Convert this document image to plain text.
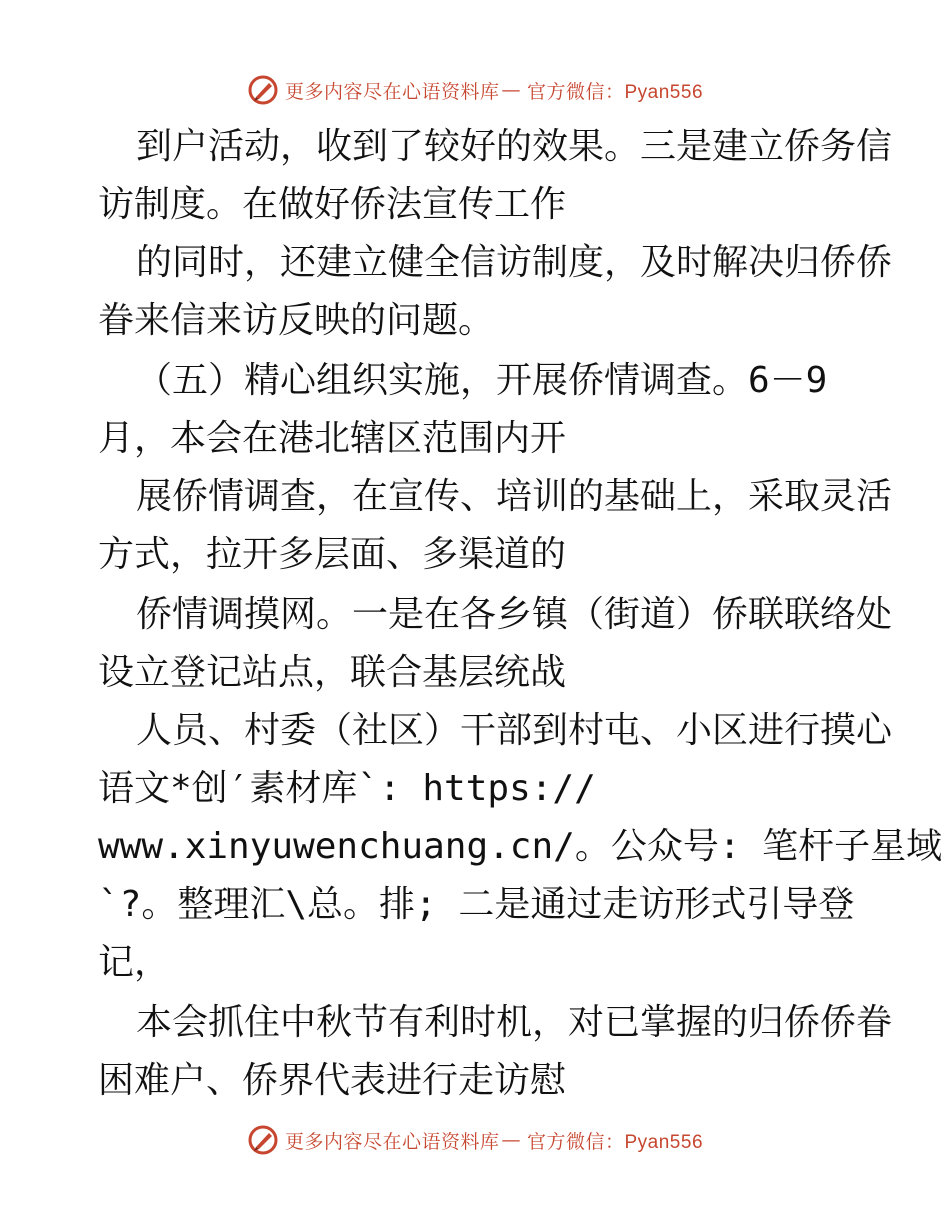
更多内容尽在心语资料库 — 官方微信：Pyan556
到户活动，收到了较好的效果。三是建立侨务信
访制度。在做好侨法宣传工作
的同时，还建立健全信访制度，及时解决归侨侨
眷来信来访反映的问题。
（五）精心组织实施，开展侨情调查。6－9
月，本会在港北辖区范围内开
展侨情调查，在宣传、培训的基础上，采取灵活
方式，拉开多层面、多渠道的
侨情调摸网。一是在各乡镇（街道）侨联联络处
设立登记站点，联合基层统战
人员、村委（社区）干部到村屯、小区进行摸心
语文*创′素材库`: https://
www.xinyuwenchuang.cn/。公众号: 笔杆子星域
`?。整理汇\总。排; 二是通过走访形式引导登
记，
本会抓住中秋节有利时机，对已掌握的归侨侨眷
困难户、侨界代表进行走访慰
更多内容尽在心语资料库 — 官方微信：Pyan556
